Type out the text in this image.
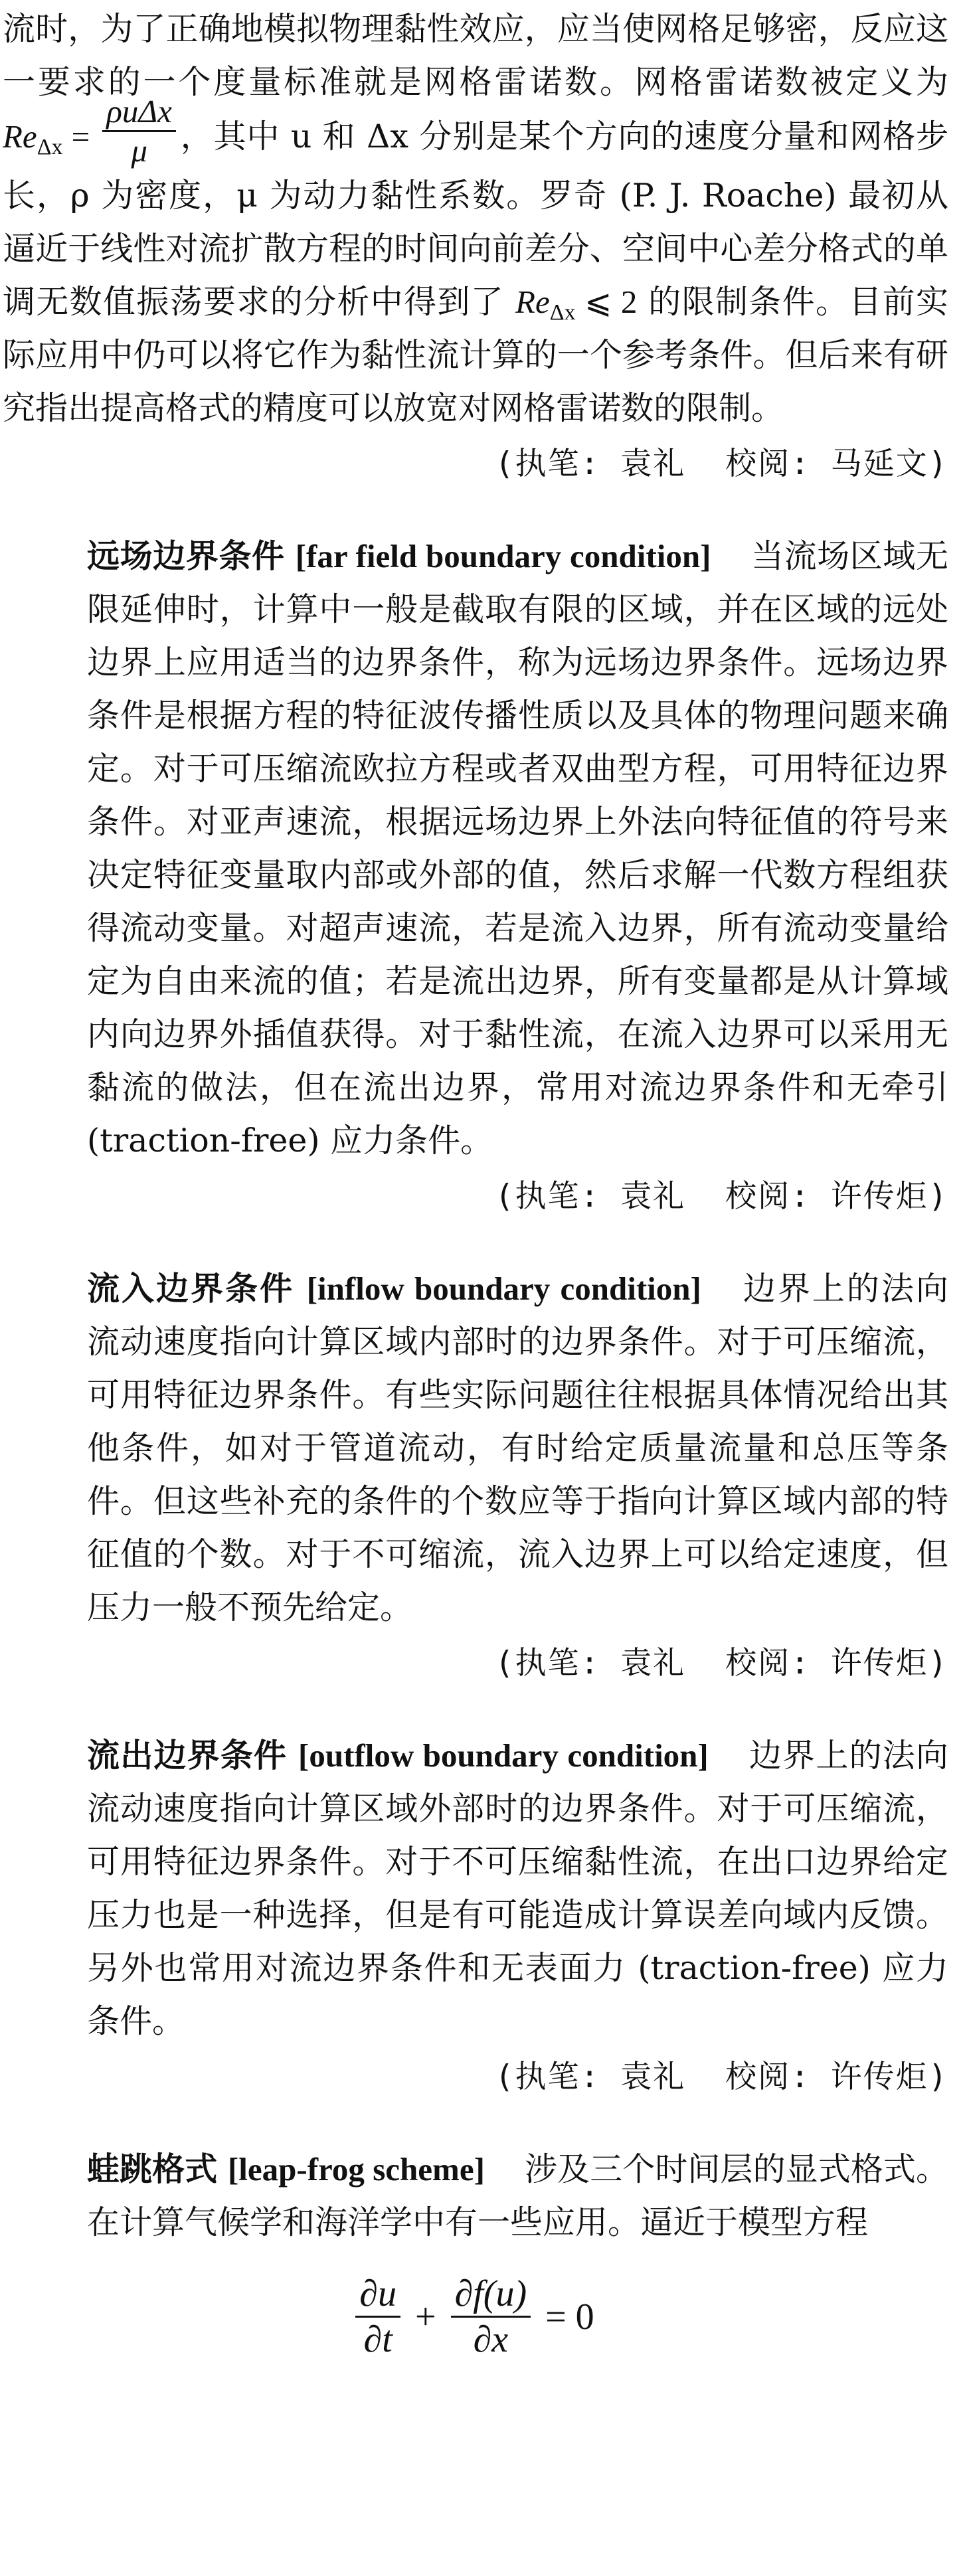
流时，为了正确地模拟物理黏性效应，应当使网格足够密，反应这一要求的一个度量标准就是网格雷诺数。网格雷诺数被定义为 $Re_{\Delta x} = \frac{\text{ρuΔx}}{\mu}$ ，其中 u 和 Δx 分别是某个方向的速度分量和网格步长，ρ 为密度，μ 为动力黏性系数。罗奇 (P. J. Roache) 最初从逼近于线性对流扩散方程的时间向前差分、空间中心差分格式的单调无数值振荡要求的分析中得到了 $Re_{\Delta x}$ ⩽ 2 的限制条件。目前实际应用中仍可以将它作为黏性流计算的一个参考条件。但后来有研究指出提高格式的精度可以放宽对网格雷诺数的限制。

(执笔: 袁礼 校阅: 马延文)

远场边界条件 [far field boundary condition] 当流场区域无限延伸时，计算中一般是截取有限的区域，并在区域的远处边界上应用适当的边界条件，称为远场边界条件。远场边界条件是根据方程的特征波传播性质以及具体的物理问题来确定。对于可压缩流欧拉方程或者双曲型方程，可用特征边界条件。对亚声速流，根据远场边界上外法向特征值的符号来决定特征变量取内部或外部的值，然后求解一代数方程组获得流动变量。对超声速流，若是流入边界，所有流动变量给定为自由来流的值；若是流出边界，所有变量都是从计算域内向边界外插值获得。对于黏性流，在流入边界可以采用无黏流的做法，但在流出边界，常用对流边界条件和无牵引 (traction-free) 应力条件。

(执笔: 袁礼 校阅: 许传炬)

流入边界条件 [inflow boundary condition] 边界上的法向流动速度指向计算区域内部时的边界条件。对于可压缩流，可用特征边界条件。有些实际问题往往根据具体情况给出其他条件，如对于管道流动，有时给定质量流量和总压等条件。但这些补充的条件的个数应等于指向计算区域内部的特征值的个数。对于不可缩流，流入边界上可以给定速度，但压力一般不预先给定。

(执笔: 袁礼 校阅: 许传炬)

流出边界条件 [outflow boundary condition] 边界上的法向流动速度指向计算区域外部时的边界条件。对于可压缩流，可用特征边界条件。对于不可压缩黏性流，在出口边界给定压力也是一种选择，但是有可能造成计算误差向域内反馈。另外也常用对流边界条件和无表面力 (traction-free) 应力条件。

(执笔: 袁礼 校阅: 许传炬)

蛙跳格式 [leap-frog scheme] 涉及三个时间层的显式格式。在计算气候学和海洋学中有一些应用。逼近于模型方程

$\frac{\partial u}{\partial t} + \frac{\partial f(u)}{\partial x} = 0$
